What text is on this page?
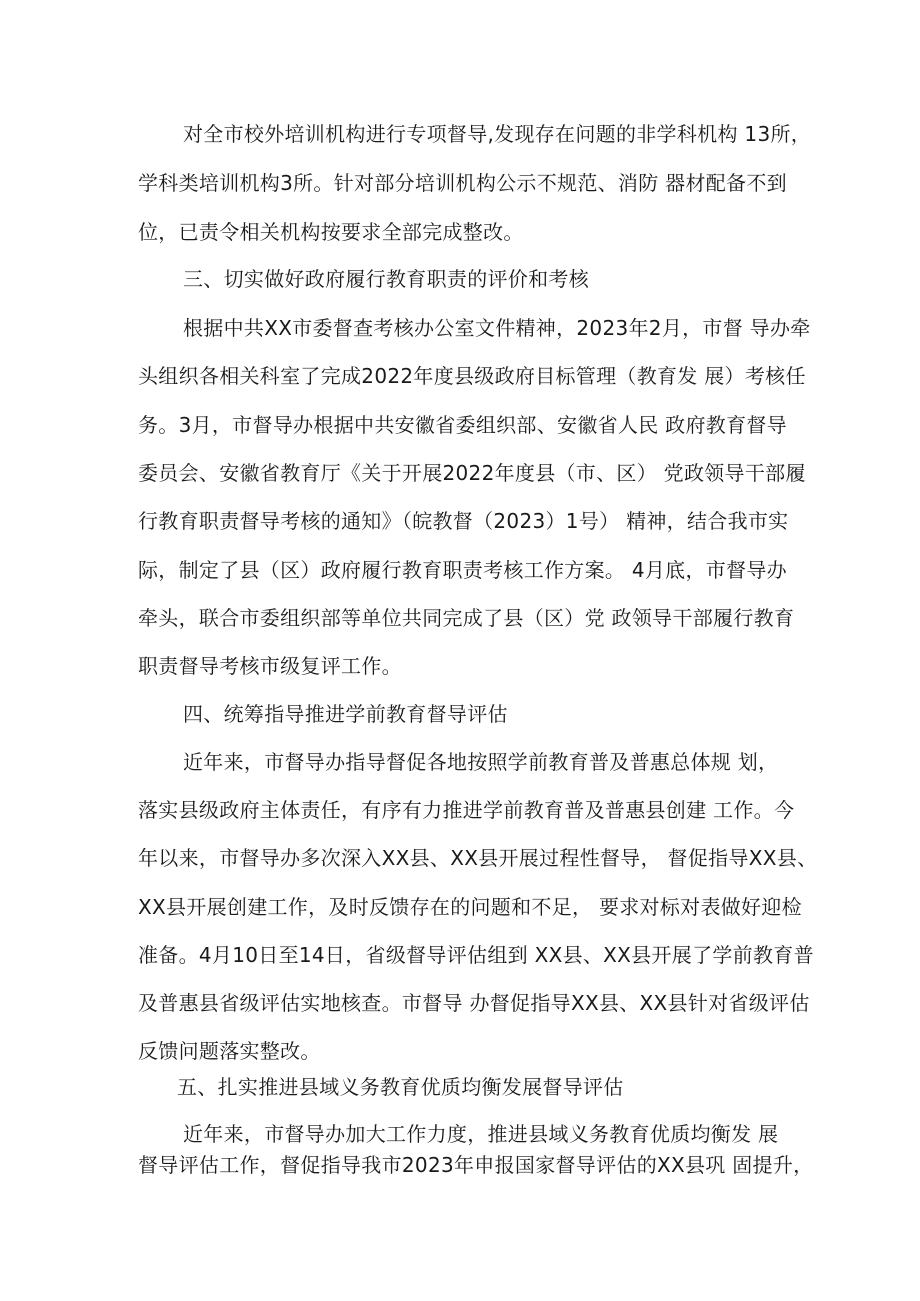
对全市校外培训机构进行专项督导,发现存在问题的非学科机构 13所，
学科类培训机构3所。针对部分培训机构公示不规范、消防 器材配备不到
位，已责令相关机构按要求全部完成整改。
三、切实做好政府履行教育职责的评价和考核
根据中共XX市委督查考核办公室文件精神，2023年2月，市督 导办牵
头组织各相关科室了完成2022年度县级政府目标管理（教育发 展）考核任
务。3月，市督导办根据中共安徽省委组织部、安徽省人民 政府教育督导
委员会、安徽省教育厅《关于开展2022年度县（市、区） 党政领导干部履
行教育职责督导考核的通知》（皖教督（2023）1号） 精神，结合我市实
际，制定了县（区）政府履行教育职责考核工作方案。 4月底，市督导办
牵头，联合市委组织部等单位共同完成了县（区）党 政领导干部履行教育
职责督导考核市级复评工作。
四、统筹指导推进学前教育督导评估
近年来，市督导办指导督促各地按照学前教育普及普惠总体规 划，
落实县级政府主体责任，有序有力推进学前教育普及普惠县创建 工作。今
年以来，市督导办多次深入XX县、XX县开展过程性督导， 督促指导XX县、
XX县开展创建工作，及时反馈存在的问题和不足， 要求对标对表做好迎检
准备。4月10日至14日，省级督导评估组到 XX县、XX县开展了学前教育普
及普惠县省级评估实地核查。市督导 办督促指导XX县、XX县针对省级评估
反馈问题落实整改。
五、扎实推进县域义务教育优质均衡发展督导评估
近年来，市督导办加大工作力度，推进县域义务教育优质均衡发 展
督导评估工作，督促指导我市2023年申报国家督导评估的XX县巩 固提升，
